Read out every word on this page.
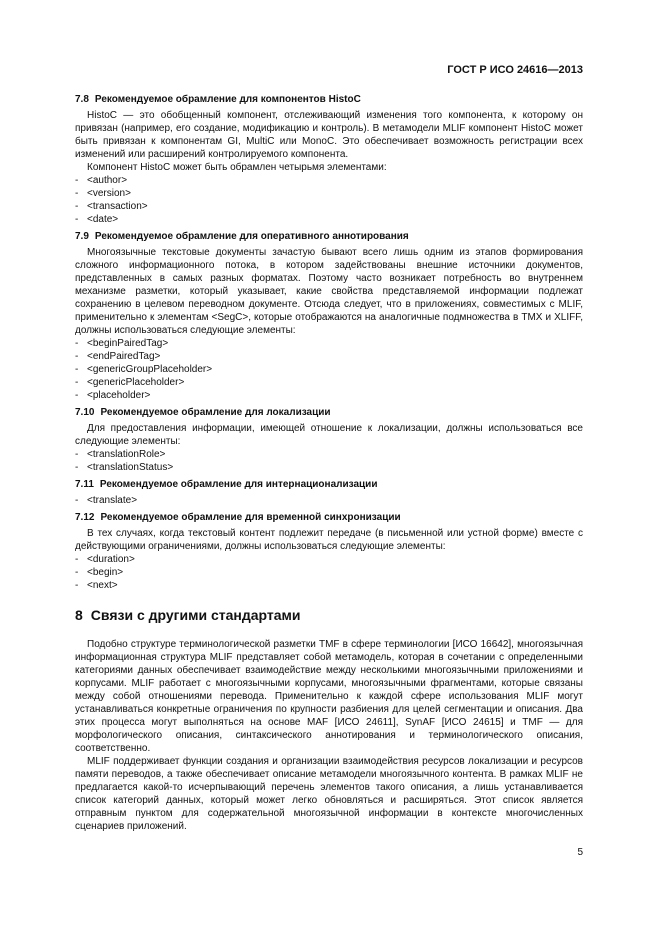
ГОСТ Р ИСО 24616—2013
7.8 Рекомендуемое обрамление для компонентов HistoC

HistoC — это обобщенный компонент, отслеживающий изменения того компонента, к которому он привязан (например, его создание, модификацию и контроль). В метамодели MLIF компонент HistoC может быть привязан к компонентам GI, MultiC или MonoC. Это обеспечивает возможность регистрации всех изменений или расширений контролируемого компонента.

Компонент HistoC может быть обрамлен четырьмя элементами:

- <author>
- <version>
- <transaction>
- <date>
7.9 Рекомендуемое обрамление для оперативного аннотирования

Многоязычные текстовые документы зачастую бывают всего лишь одним из этапов формирования сложного информационного потока, в котором задействованы внешние источники документов, представленных в самых разных форматах. Поэтому часто возникает потребность во внутреннем механизме разметки, который указывает, какие свойства представляемой информации подлежат сохранению в целевом переводном документе. Отсюда следует, что в приложениях, совместимых с MLIF, применительно к элементам <SegC>, которые отображаются на аналогичные подмножества в TMX и XLIFF, должны использоваться следующие элементы:

- <beginPairedTag>
- <endPairedTag>
- <genericGroupPlaceholder>
- <genericPlaceholder>
- <placeholder>
7.10 Рекомендуемое обрамление для локализации

Для предоставления информации, имеющей отношение к локализации, должны использоваться все следующие элементы:

- <translationRole>
- <translationStatus>
7.11 Рекомендуемое обрамление для интернационализации
- <translate>
7.12 Рекомендуемое обрамление для временной синхронизации

В тех случаях, когда текстовый контент подлежит передаче (в письменной или устной форме) вместе с действующими ограничениями, должны использоваться следующие элементы:

- <duration>
- <begin>
- <next>
8 Связи с другими стандартами

Подобно структуре терминологической разметки TMF в сфере терминологии [ИСО 16642], многоязычная информационная структура MLIF представляет собой метамодель, которая в сочетании с определенными категориями данных обеспечивает взаимодействие между несколькими многоязычными приложениями и корпусами. MLIF работает с многоязычными корпусами, многоязычными фрагментами, которые связаны между собой отношениями перевода. Применительно к каждой сфере использования MLIF могут устанавливаться конкретные ограничения по крупности разбиения для целей сегментации и описания. Два этих процесса могут выполняться на основе MAF [ИСО 24611], SynAF [ИСО 24615] и TMF — для морфологического описания, синтаксического аннотирования и терминологического описания, соответственно.

MLIF поддерживает функции создания и организации взаимодействия ресурсов локализации и ресурсов памяти переводов, а также обеспечивает описание метамодели многоязычного контента. В рамках MLIF не предлагается какой-то исчерпывающий перечень элементов такого описания, а лишь устанавливается список категорий данных, который может легко обновляться и расширяться. Этот список является отправным пунктом для содержательной многоязычной информации в контексте многочисленных сценариев приложений.

5
